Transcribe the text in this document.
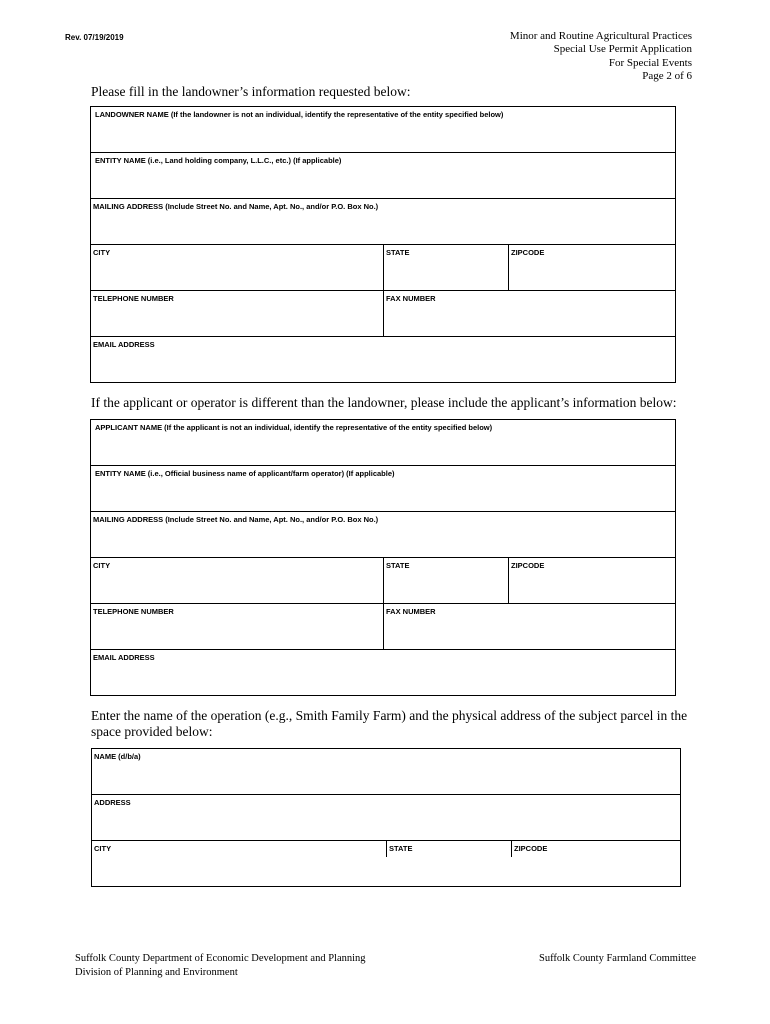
Rev. 07/19/2019	Minor and Routine Agricultural Practices
Special Use Permit Application
For Special Events
Page 2 of 6
Please fill in the landowner’s information requested below:
LANDOWNER NAME (If the landowner is not an individual, identify the representative of the entity specified below)
ENTITY NAME (i.e., Land holding company, L.L.C., etc.) (If applicable)
MAILING ADDRESS (Include Street No. and Name, Apt. No., and/or P.O. Box No.)
CITY	STATE	ZIPCODE
TELEPHONE NUMBER	FAX NUMBER
EMAIL ADDRESS
If the applicant or operator is different than the landowner, please include the applicant’s information below:
APPLICANT NAME (If the applicant is not an individual, identify the representative of the entity specified below)
ENTITY NAME (i.e., Official business name of applicant/farm operator) (If applicable)
MAILING ADDRESS (Include Street No. and Name, Apt. No., and/or P.O. Box No.)
CITY	STATE	ZIPCODE
TELEPHONE NUMBER	FAX NUMBER
EMAIL ADDRESS
Enter the name of the operation (e.g., Smith Family Farm) and the physical address of the subject parcel in the space provided below:
NAME (d/b/a)
ADDRESS
CITY	STATE	ZIPCODE
Suffolk County Department of Economic Development and Planning
Division of Planning and Environment
Suffolk County Farmland Committee
